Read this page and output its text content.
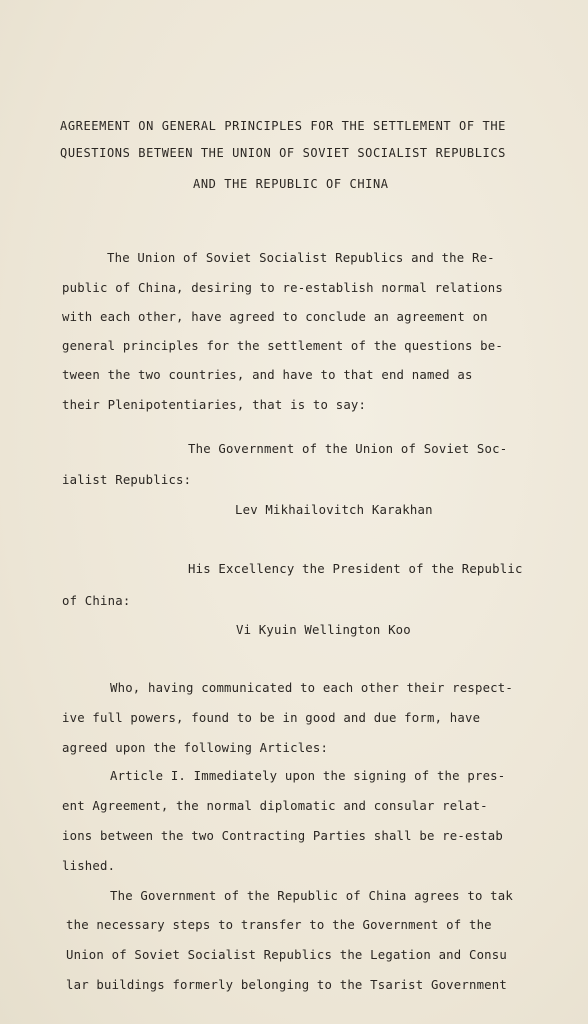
AGREEMENT ON GENERAL PRINCIPLES FOR THE SETTLEMENT OF THE
QUESTIONS BETWEEN THE UNION OF SOVIET SOCIALIST REPUBLICS
AND THE REPUBLIC OF CHINA
The Union of Soviet Socialist Republics and the Re-
public of China, desiring to re-establish normal relations
with each other, have agreed to conclude an agreement on
general principles for the settlement of the questions be-
tween the two countries, and have to that end named as
their Plenipotentiaries, that is to say:
The Government of the Union of Soviet Soc-
ialist Republics:
Lev Mikhailovitch Karakhan
His Excellency the President of the Republic
of China:
Vi Kyuin Wellington Koo
Who, having communicated to each other their respect-
ive full powers, found to be in good and due form, have
agreed upon the following Articles:
Article I. Immediately upon the signing of the pres-
ent Agreement, the normal diplomatic and consular relat-
ions between the two Contracting Parties shall be re-estab
lished.
The Government of the Republic of China agrees to tak
the necessary steps to transfer to the Government of the
Union of Soviet Socialist Republics the Legation and Consu
lar buildings formerly belonging to the Tsarist Government
